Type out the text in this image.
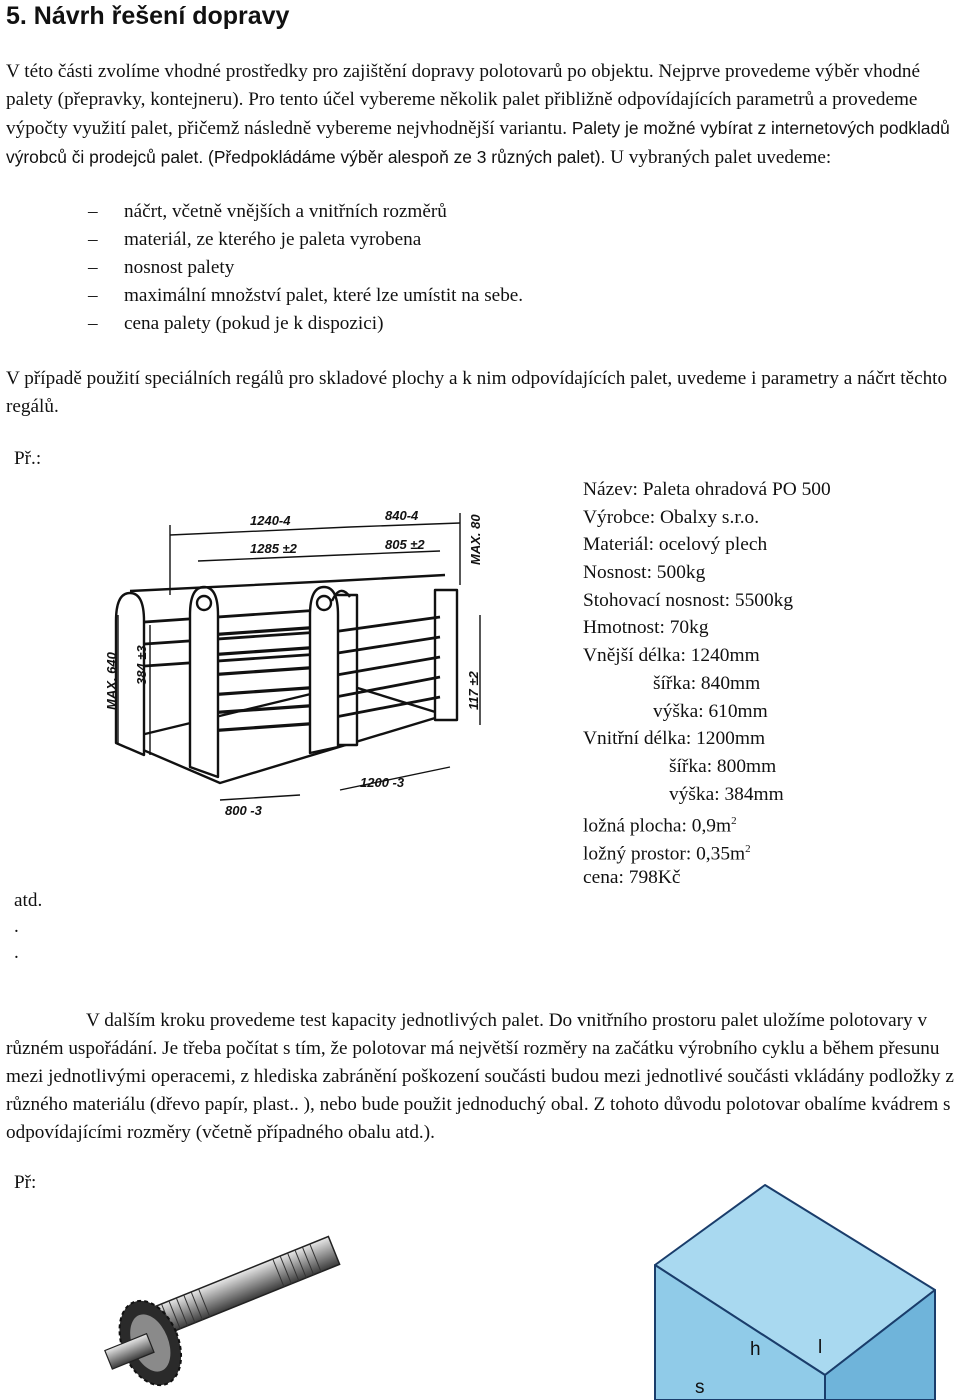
5. Návrh řešení dopravy
V této části zvolíme vhodné prostředky pro zajištění dopravy polotovarů po objektu. Nejprve provedeme výběr vhodné palety (přepravky, kontejneru). Pro tento účel vybereme několik palet přibližně odpovídajících parametrů a provedeme výpočty využití palet, přičemž následně vybereme nejvhodnější variantu. Palety je možné vybírat z internetových podkladů výrobců či prodejců palet. (Předpokládáme výběr alespoň ze 3 různých palet). U vybraných palet uvedeme:
– náčrt, včetně vnějších a vnitřních rozměrů
– materiál, ze kterého je paleta vyrobena
– nosnost palety
– maximální množství palet, které lze umístit na sebe.
– cena palety (pokud je k dispozici)
V případě použití speciálních regálů pro skladové plochy a k nim odpovídajících palet, uvedeme i parametry a náčrt těchto regálů.
Př.:
1240-4	840-4
1285 ±2	805 ±2	MAX. 80
MAX. 640 384 ±3
117 ±2
1200 -3
800 -3
atd.
.
.
Název: Paleta ohradová PO 500
Výrobce: Obalxy s.r.o.
Materiál: ocelový plech
Nosnost: 500kg
Stohovací nosnost: 5500kg
Hmotnost: 70kg
Vnější délka: 1240mm
šířka: 840mm
výška: 610mm
Vnitřní délka: 1200mm
šířka: 800mm
výška: 384mm
ložná plocha: $0,9m^2$
ložný prostor: $0,35m^2$
cena: 798Kč
V dalším kroku provedeme test kapacity jednotlivých palet. Do vnitřního prostoru palet uložíme polotovary v různém uspořádání. Je třeba počítat s tím, že polotovar má největší rozměry na začátku výrobního cyklu a během přesunu mezi jednotlivými operacemi, z hlediska zabránění poškození součásti budou mezi jednotlivé součásti vkládány podložky z různého materiálu (dřevo papír, plast.. ), nebo bude použit jednoduchý obal. Z tohoto důvodu polotovar obalíme kvádrem s odpovídajícími rozměry (včetně případného obalu atd.).
Př:
h	l
s
